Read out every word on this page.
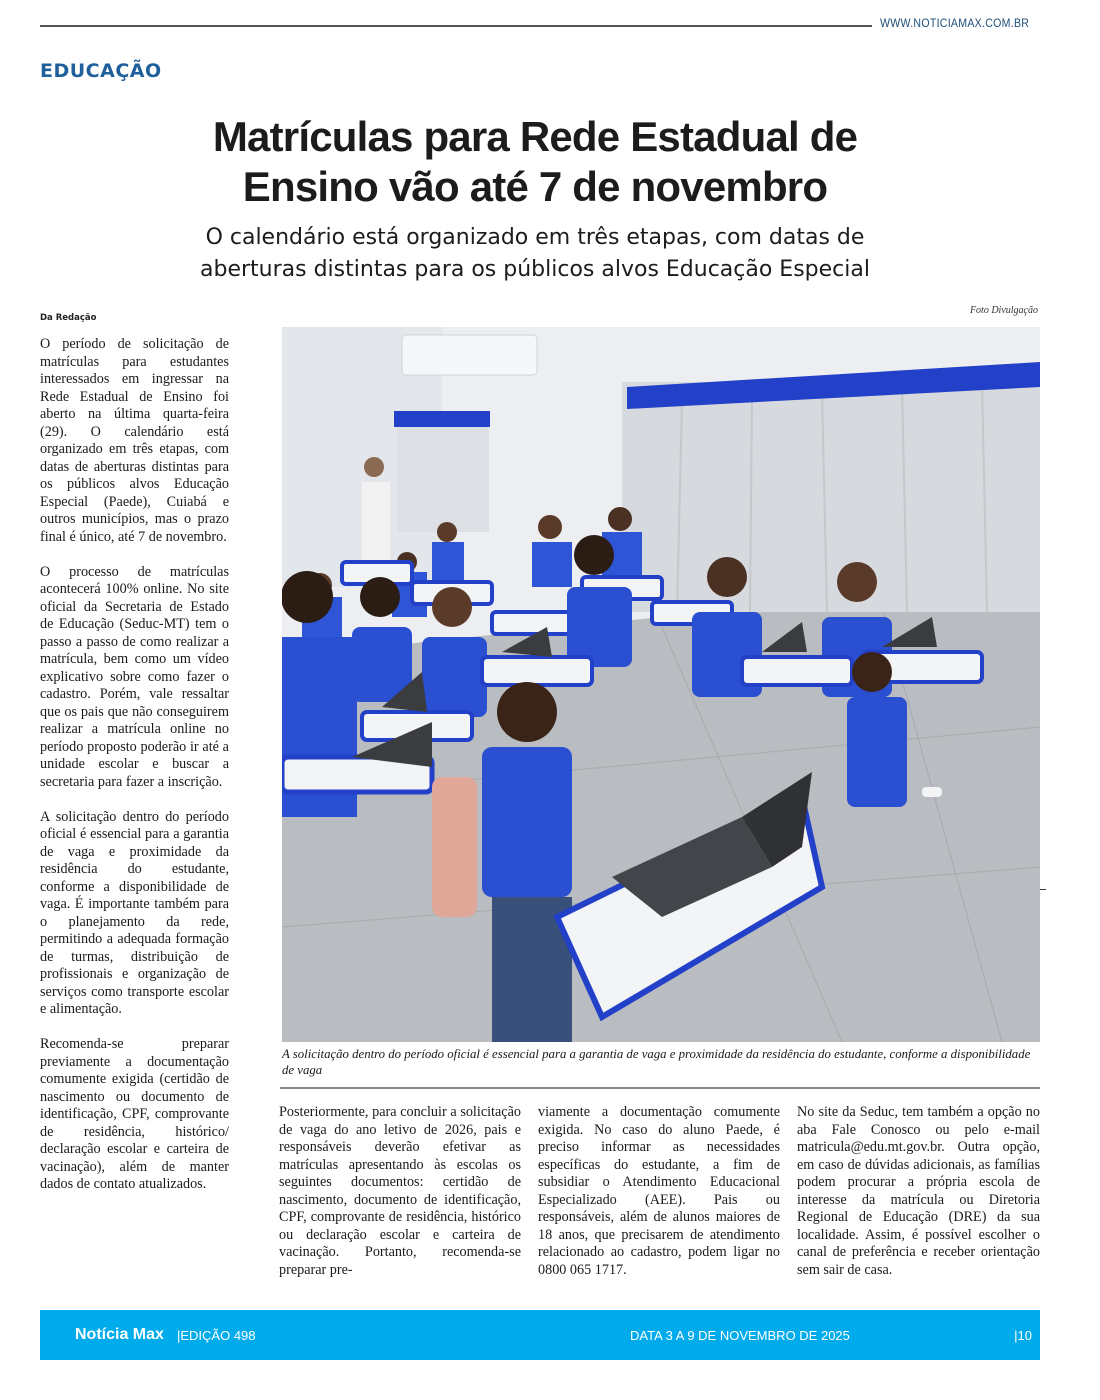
WWW.NOTICIAMAX.COM.BR
EDUCAÇÃO
Matrículas para Rede Estadual de
Ensino vão até 7 de novembro
O calendário está organizado em três etapas, com datas de
aberturas distintas para os públicos alvos Educação Especial
Da Redação

O período de solicitação de matrículas para estudantes interessados em ingressar na Rede Estadual de Ensino foi aberto na última quarta-feira (29). O calendário está organizado em três etapas, com datas de aberturas distintas para os públicos alvos Educação Especial (Paede), Cuiabá e outros municípios, mas o prazo final é único, até 7 de novembro.

O processo de matrículas acontecerá 100% online. No site oficial da Secretaria de Estado de Educação (Seduc-MT) tem o passo a passo de como realizar a matrícula, bem como um vídeo explicativo sobre como fazer o cadastro. Porém, vale ressaltar que os pais que não conseguirem realizar a matrícula online no período proposto poderão ir até a unidade escolar e buscar a secretaria para fazer a inscrição.

A solicitação dentro do período oficial é essencial para a garantia de vaga e proximidade da residência do estudante, conforme a disponibilidade de vaga. É importante também para o planejamento da rede, permitindo a adequada formação de turmas, distribuição de profissionais e organização de serviços como transporte escolar e alimentação.

Recomenda-se preparar previamente a documentação comumente exigida (certidão de nascimento ou documento de identificação, CPF, comprovante de residência, histórico/ declaração escolar e carteira de vacinação), além de manter dados de contato atualizados.

Foto Divulgação
A solicitação dentro do período oficial é essencial para a garantia de vaga e proximidade da residência do estudante, conforme a disponibilidade de vaga
Posteriormente, para concluir a solicitação de vaga do ano letivo de 2026, pais e responsáveis deverão efetivar as matrículas apresentando às escolas os seguintes documentos: certidão de nascimento, documento de identificação, CPF, comprovante de residência, histórico ou declaração escolar e carteira de vacinação. Portanto, recomenda-se preparar pre-
viamente a documentação comumente exigida. No caso do aluno Paede, é preciso informar as necessidades específicas do estudante, a fim de subsidiar o Atendimento Educacional Especializado (AEE). Pais ou responsáveis, além de alunos maiores de 18 anos, que precisarem de atendimento relacionado ao cadastro, podem ligar no 0800 065 1717.
No site da Seduc, tem também a opção no aba Fale Conosco ou pelo e-mail matricula@edu.mt.gov.br. Outra opção, em caso de dúvidas adicionais, as famílias podem procurar a própria escola de interesse da matrícula ou Diretoria Regional de Educação (DRE) da sua localidade. Assim, é possível escolher o canal de preferência e receber orientação sem sair de casa.
Notícia Max |EDIÇÃO 498	DATA 3 A 9 DE NOVEMBRO DE 2025	|10
